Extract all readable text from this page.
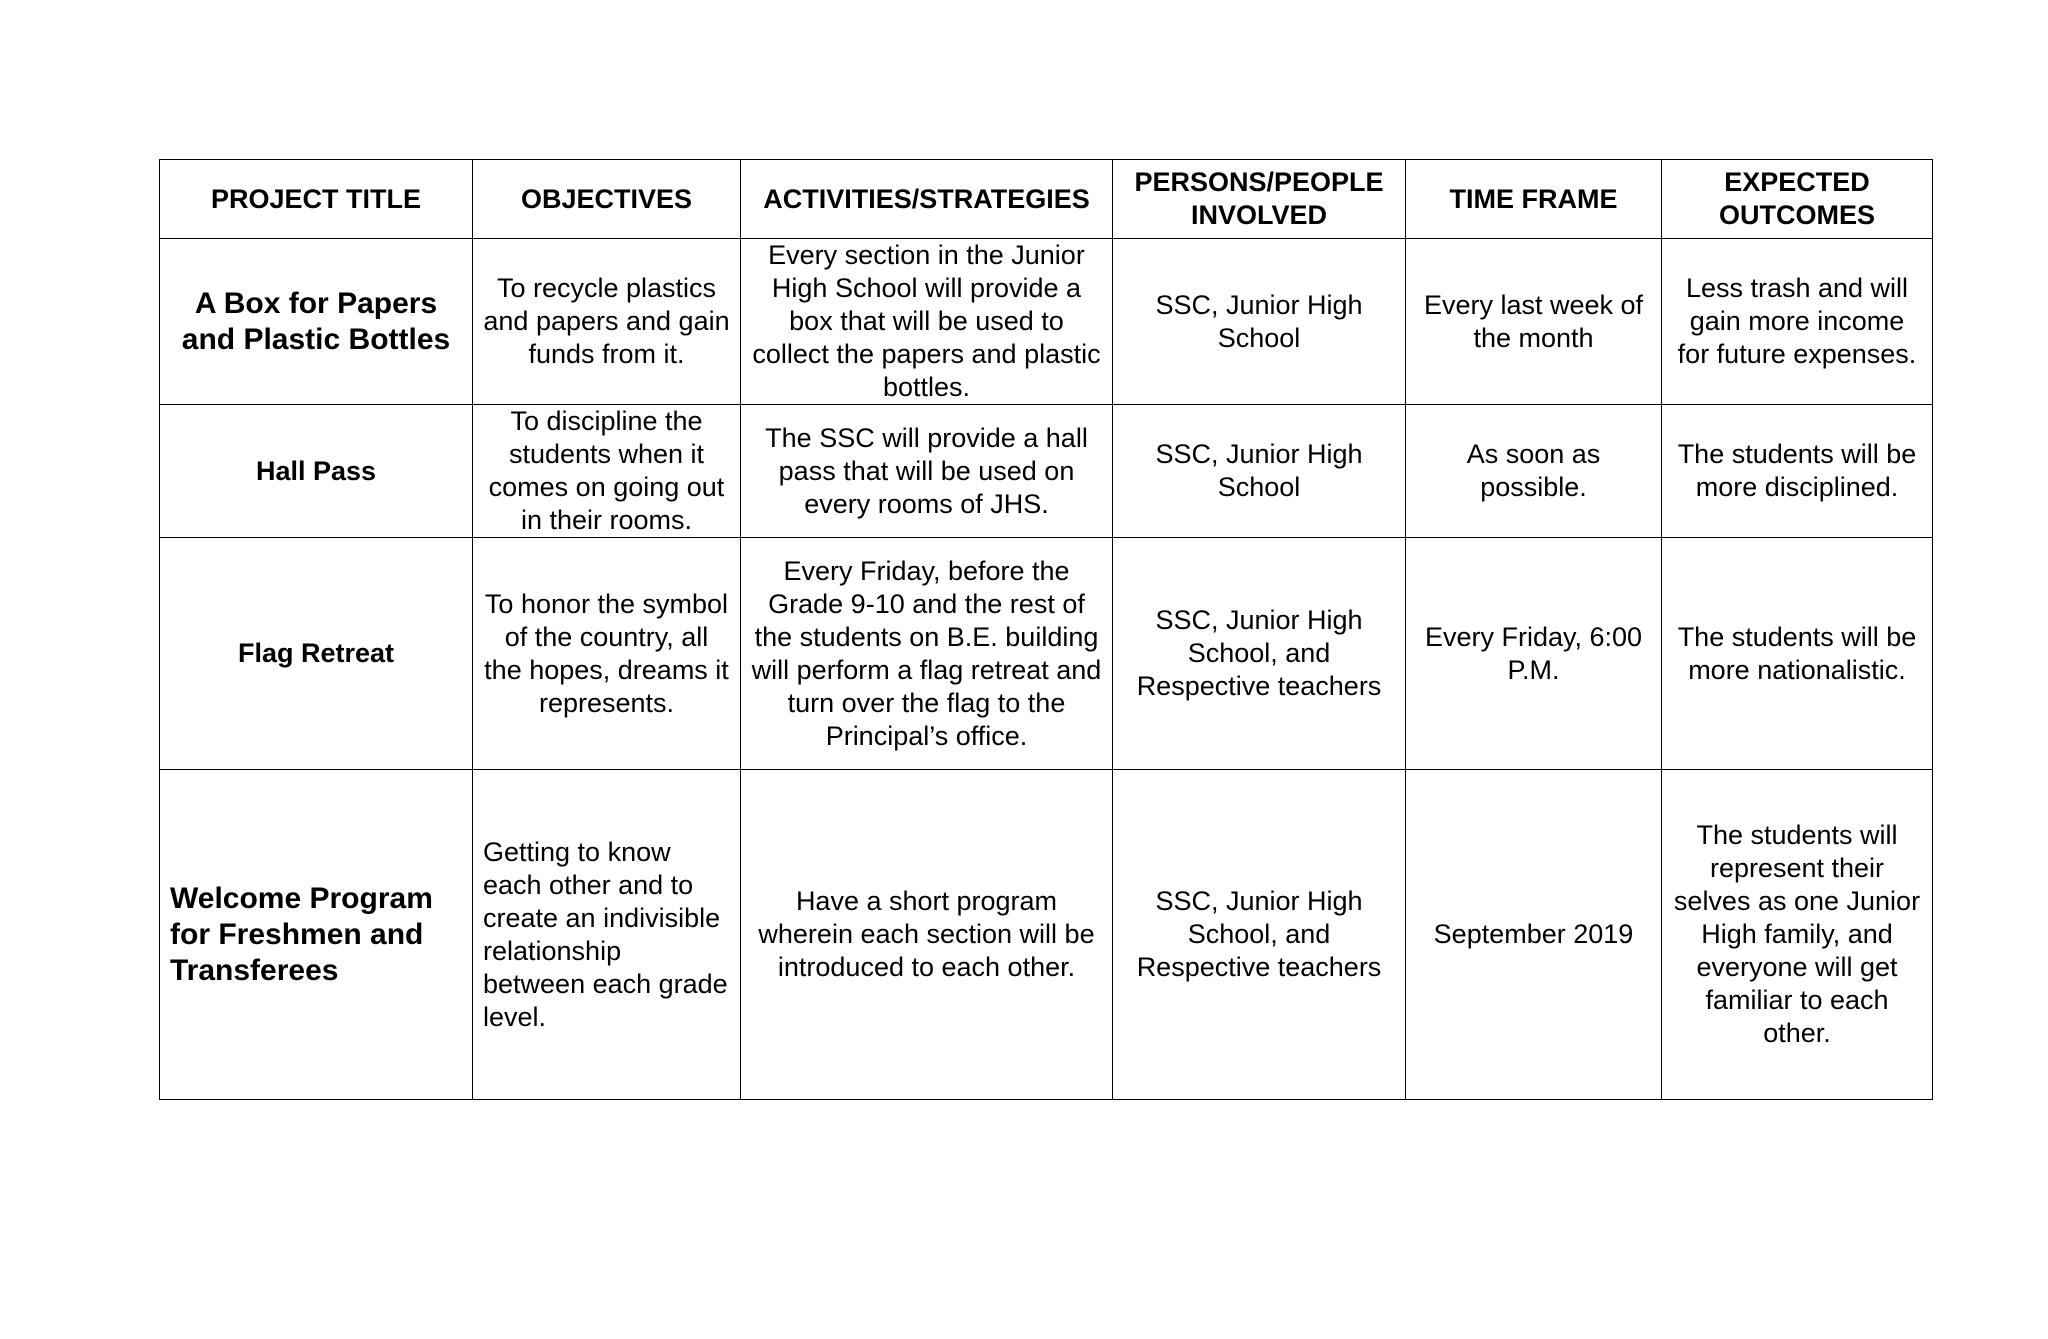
PROJECT TITLE	OBJECTIVES	ACTIVITIES/STRATEGIES	PERSONS/PEOPLE INVOLVED	TIME FRAME	EXPECTED OUTCOMES
A Box for Papers and Plastic Bottles	To recycle plastics and papers and gain funds from it.	Every section in the Junior High School will provide a box that will be used to collect the papers and plastic bottles.	SSC, Junior High School	Every last week of the month	Less trash and will gain more income for future expenses.
Hall Pass	To discipline the students when it comes on going out in their rooms.	The SSC will provide a hall pass that will be used on every rooms of JHS.	SSC, Junior High School	As soon as possible.	The students will be more disciplined.
Flag Retreat	To honor the symbol of the country, all the hopes, dreams it represents.	Every Friday, before the Grade 9-10 and the rest of the students on B.E. building will perform a flag retreat and turn over the flag to the Principal’s office.	SSC, Junior High School, and Respective teachers	Every Friday, 6:00 P.M.	The students will be more nationalistic.
Welcome Program for Freshmen and Transferees	Getting to know each other and to create an indivisible relationship between each grade level.	Have a short program wherein each section will be introduced to each other.	SSC, Junior High School, and Respective teachers	September 2019	The students will represent their selves as one Junior High family, and everyone will get familiar to each other.
